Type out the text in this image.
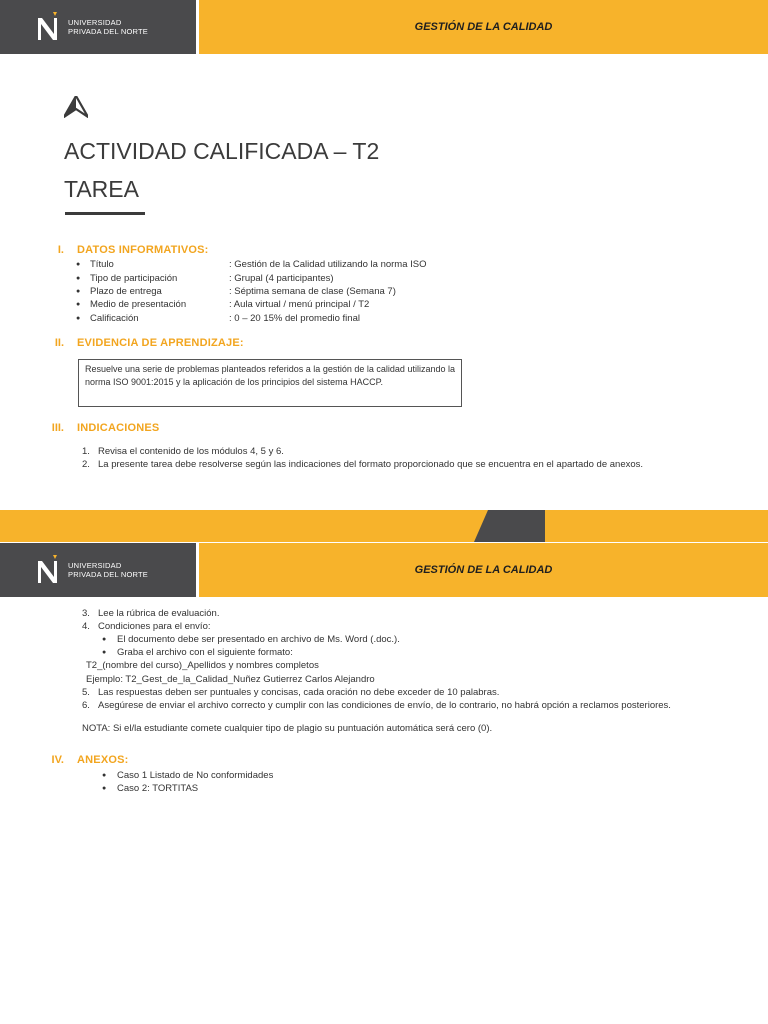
UNIVERSIDAD
PRIVADA DEL NORTE	GESTIÓN DE LA CALIDAD
ACTIVIDAD CALIFICADA – T2
TAREA
I. DATOS INFORMATIVOS:
● Título	: Gestión de la Calidad utilizando la norma ISO
● Tipo de participación	: Grupal (4 participantes)
● Plazo de entrega	: Séptima semana de clase (Semana 7)
● Medio de presentación	: Aula virtual / menú principal / T2
● Calificación	: 0 – 20 15% del promedio final
II. EVIDENCIA DE APRENDIZAJE:
Resuelve una serie de problemas planteados referidos a la gestión de la calidad utilizando la norma ISO 9001:2015 y la aplicación de los principios del sistema HACCP.
III. INDICACIONES
1. Revisa el contenido de los módulos 4, 5 y 6.
2. La presente tarea debe resolverse según las indicaciones del formato proporcionado que se encuentra en el apartado de anexos.
UNIVERSIDAD
PRIVADA DEL NORTE	GESTIÓN DE LA CALIDAD
3. Lee la rúbrica de evaluación.
4. Condiciones para el envío:
● El documento debe ser presentado en archivo de Ms. Word (.doc.).
● Graba el archivo con el siguiente formato:
T2_(nombre del curso)_Apellidos y nombres completos
Ejemplo: T2_Gest_de_la_Calidad_Nuñez Gutierrez Carlos Alejandro
5. Las respuestas deben ser puntuales y concisas, cada oración no debe exceder de 10 palabras.
6. Asegúrese de enviar el archivo correcto y cumplir con las condiciones de envío, de lo contrario, no habrá opción a reclamos posteriores.
NOTA: Si el/la estudiante comete cualquier tipo de plagio su puntuación automática será cero (0).
IV. ANEXOS:
● Caso 1 Listado de No conformidades
● Caso 2: TORTITAS
